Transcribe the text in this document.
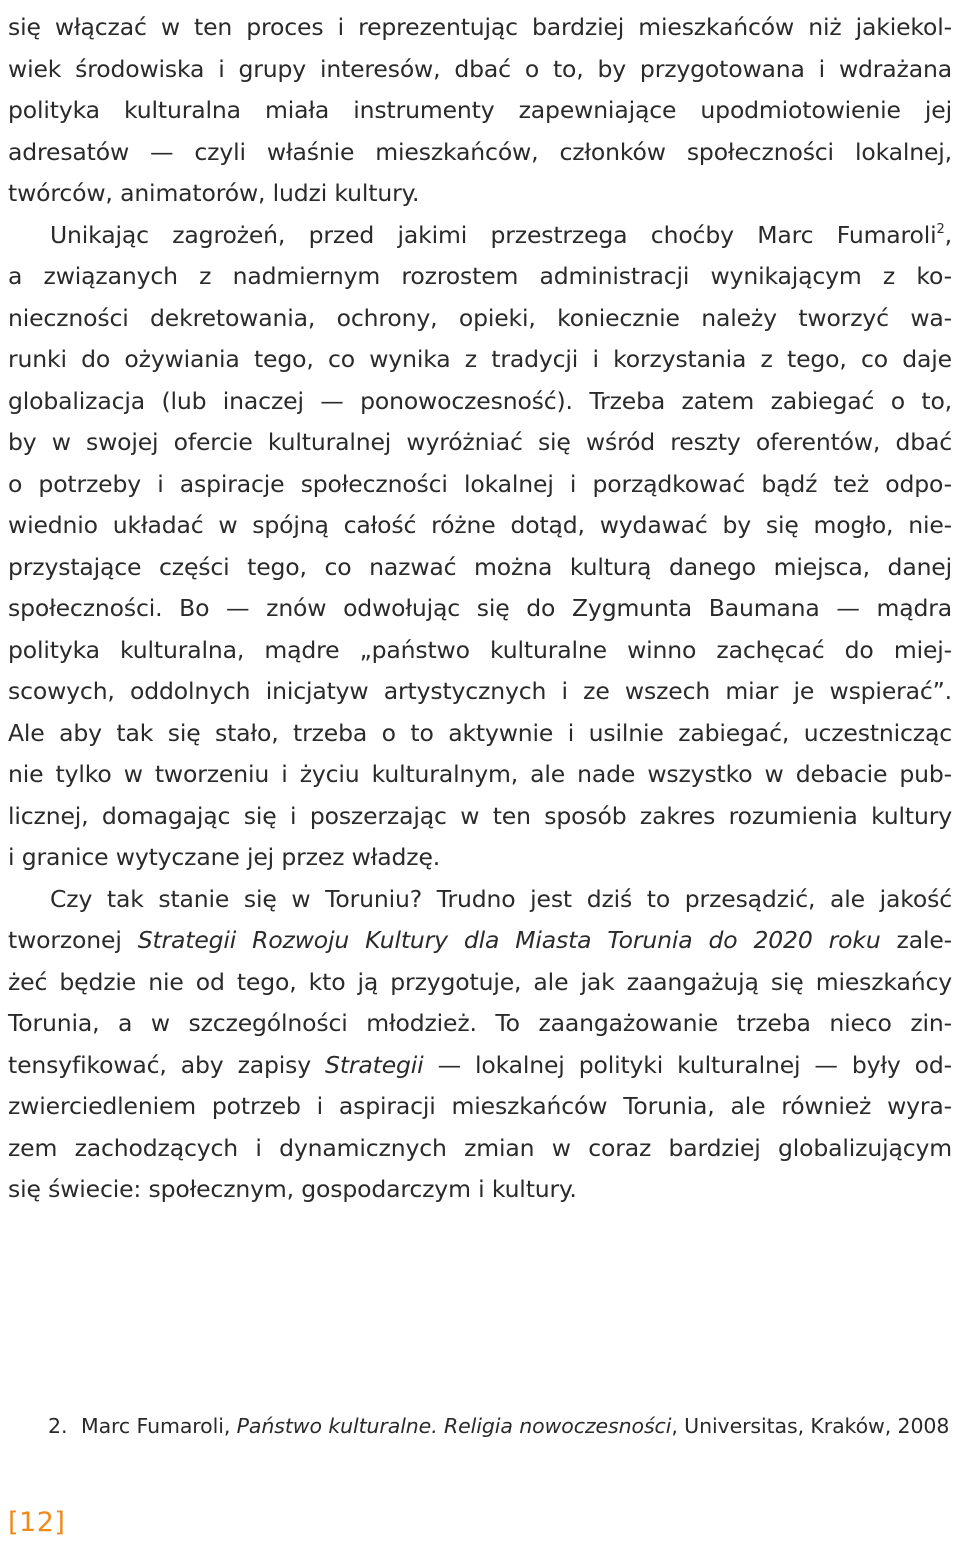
się włączać w ten proces i reprezentując bardziej mieszkańców niż jakiekol-
wiek środowiska i grupy interesów, dbać o to, by przygotowana i wdrażana
polityka kulturalna miała instrumenty zapewniające upodmiotowienie jej
adresatów — czyli właśnie mieszkańców, członków społeczności lokalnej,
twórców, animatorów, ludzi kultury.
Unikając zagrożeń, przed jakimi przestrzega choćby Marc Fumaroli$^2$,
a związanych z nadmiernym rozrostem administracji wynikającym z ko-
nieczności dekretowania, ochrony, opieki, koniecznie należy tworzyć wa-
runki do ożywiania tego, co wynika z tradycji i korzystania z tego, co daje
globalizacja (lub inaczej — ponowoczesność). Trzeba zatem zabiegać o to,
by w swojej ofercie kulturalnej wyróżniać się wśród reszty oferentów, dbać
o potrzeby i aspiracje społeczności lokalnej i porządkować bądź też odpo-
wiednio układać w spójną całość różne dotąd, wydawać by się mogło, nie-
przystające części tego, co nazwać można kulturą danego miejsca, danej
społeczności. Bo — znów odwołując się do Zygmunta Baumana — mądra
polityka kulturalna, mądre „państwo kulturalne winno zachęcać do miej-
scowych, oddolnych inicjatyw artystycznych i ze wszech miar je wspierać”.
Ale aby tak się stało, trzeba o to aktywnie i usilnie zabiegać, uczestnicząc
nie tylko w tworzeniu i życiu kulturalnym, ale nade wszystko w debacie pub-
licznej, domagając się i poszerzając w ten sposób zakres rozumienia kultury
i granice wytyczane jej przez władzę.
Czy tak stanie się w Toruniu? Trudno jest dziś to przesądzić, ale jakość
tworzonej Strategii Rozwoju Kultury dla Miasta Torunia do 2020 roku zale-
żeć będzie nie od tego, kto ją przygotuje, ale jak zaangażują się mieszkańcy
Torunia, a w szczególności młodzież. To zaangażowanie trzeba nieco zin-
tensyfikować, aby zapisy Strategii — lokalnej polityki kulturalnej — były od-
zwierciedleniem potrzeb i aspiracji mieszkańców Torunia, ale również wyra-
zem zachodzących i dynamicznych zmian w coraz bardziej globalizującym
się świecie: społecznym, gospodarczym i kultury.
2. Marc Fumaroli, Państwo kulturalne. Religia nowoczesności, Universitas, Kraków, 2008
[12]
